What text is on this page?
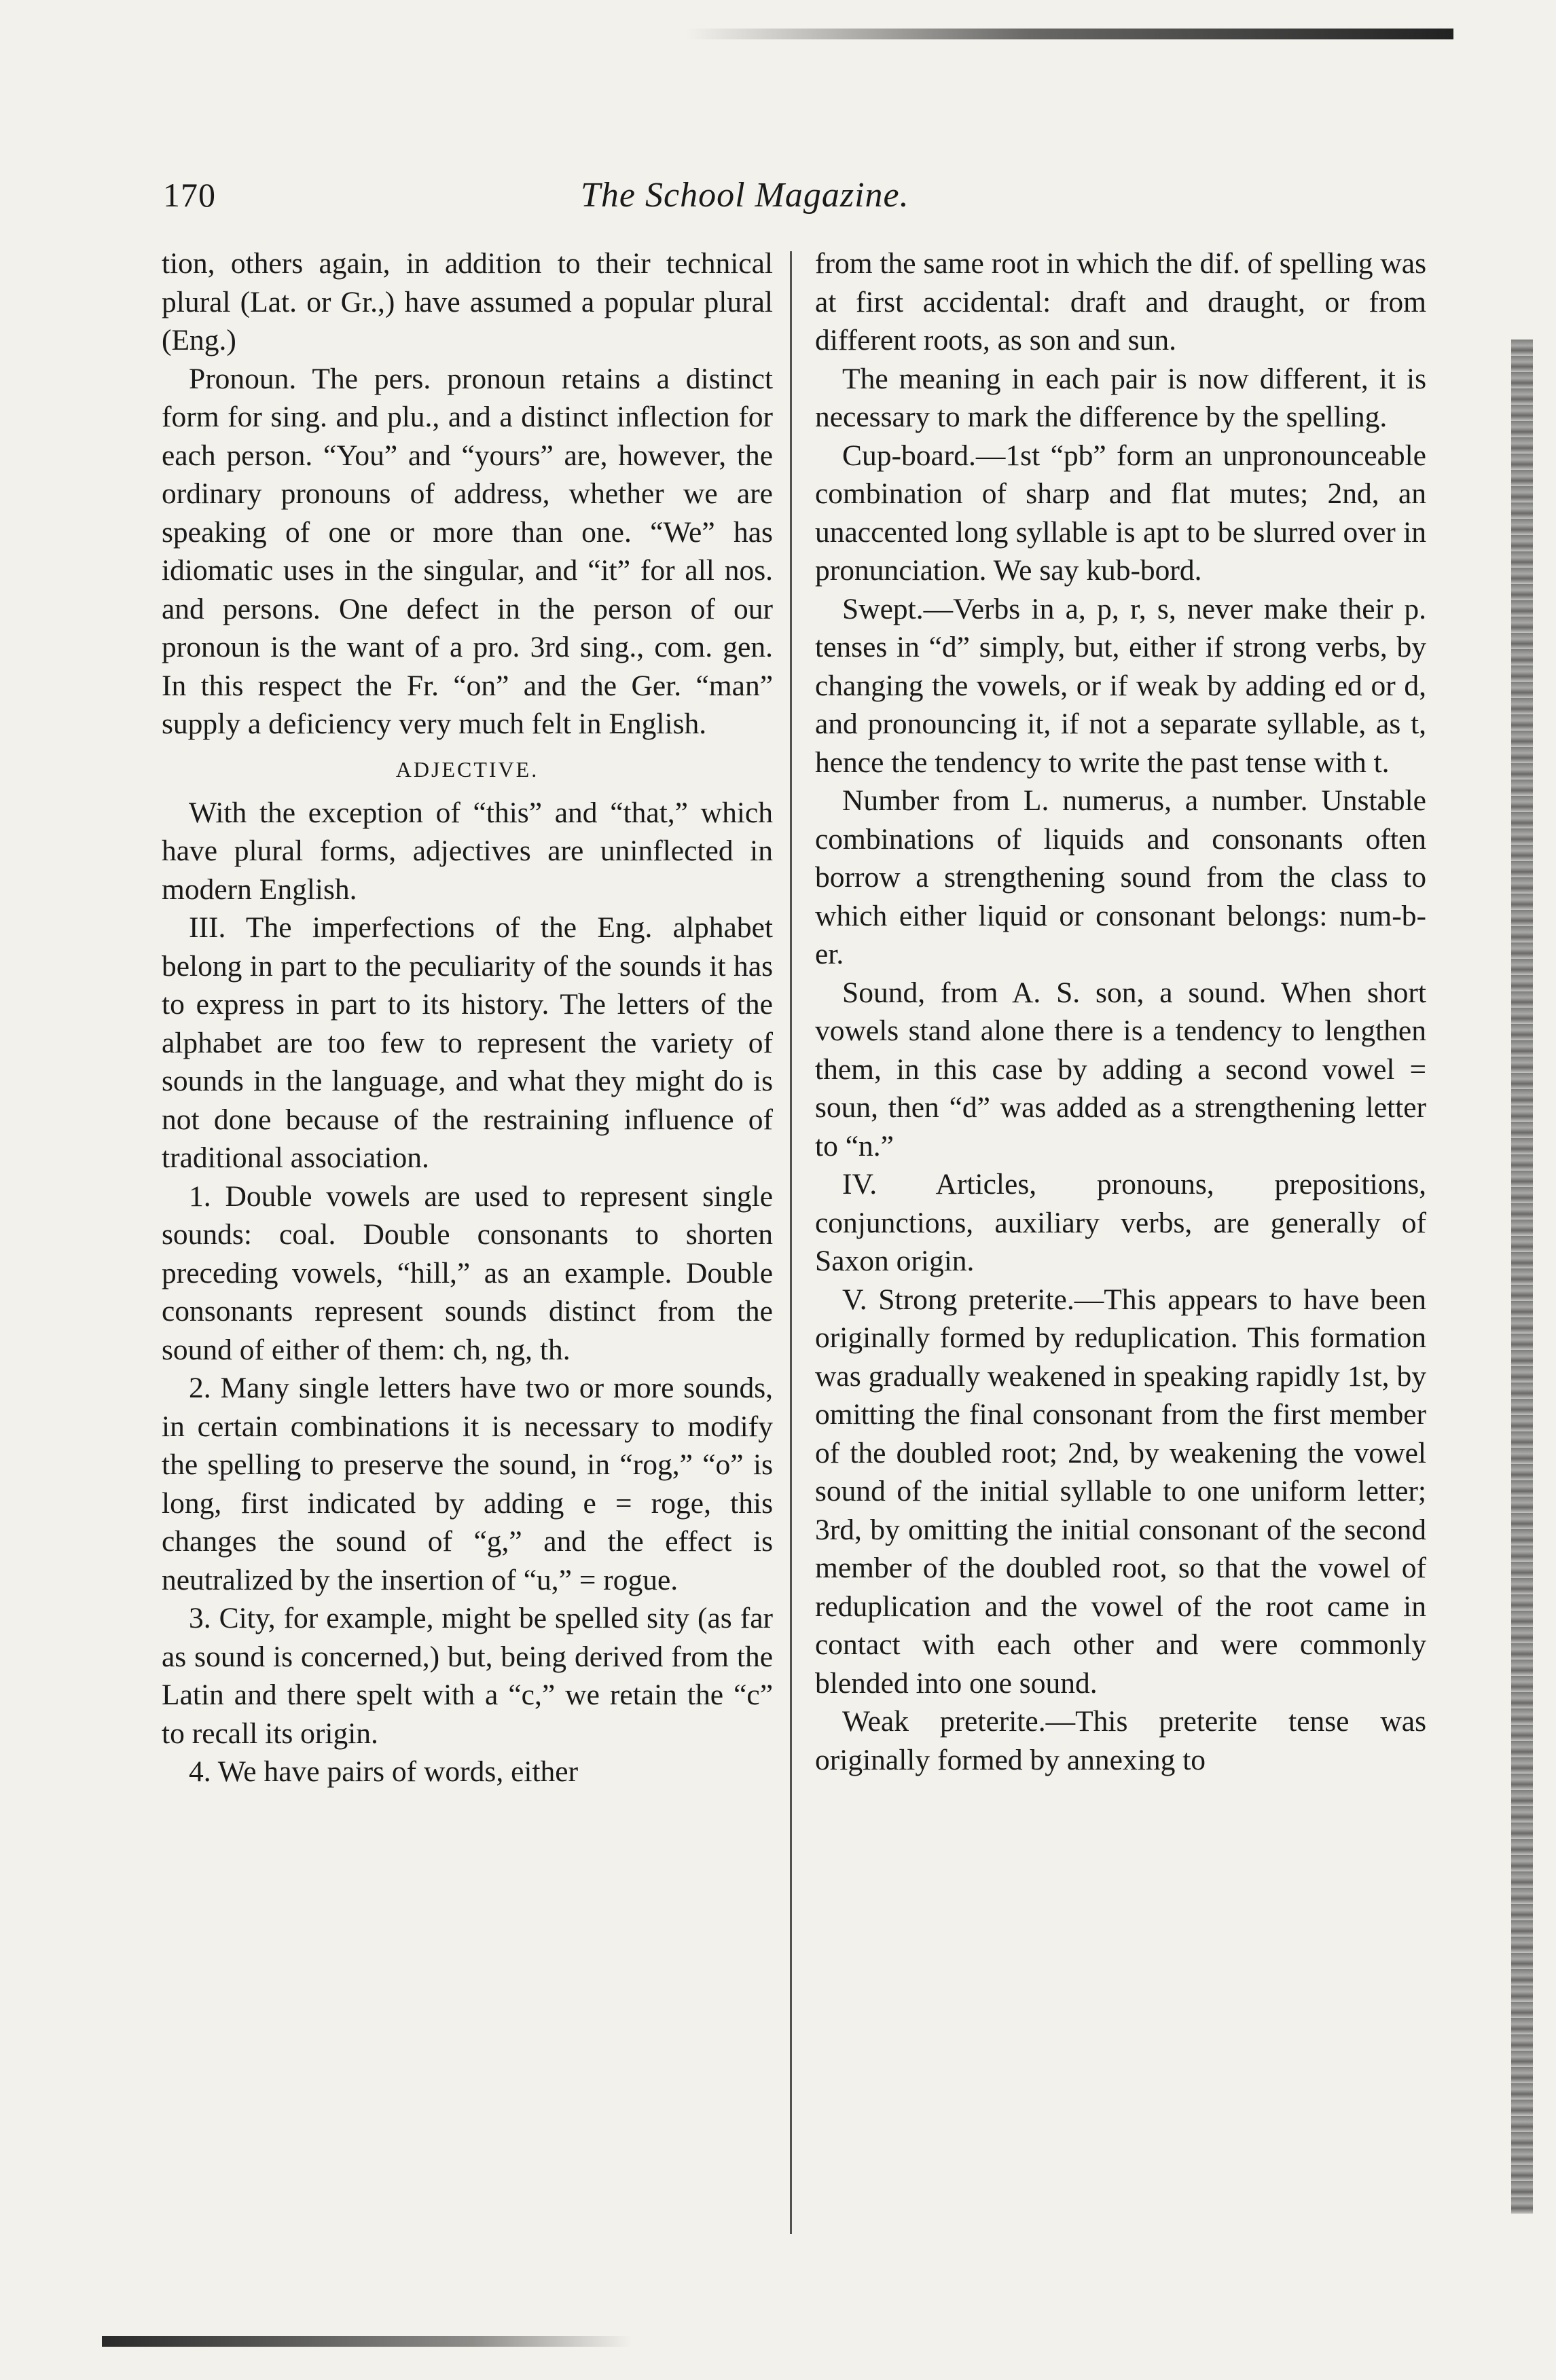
170	The School Magazine.

tion, others again, in addition to their technical plural (Lat. or Gr.,) have assumed a popular plural (Eng.)

Pronoun. The pers. pronoun retains a distinct form for sing. and plu., and a distinct inflection for each person. “You” and “yours” are, however, the ordinary pronouns of address, whether we are speaking of one or more than one. “We” has idiomatic uses in the singular, and “it” for all nos. and persons. One defect in the person of our pronoun is the want of a pro. 3rd sing., com. gen. In this respect the Fr. “on” and the Ger. “man” supply a deficiency very much felt in English.

ADJECTIVE.

With the exception of “this” and “that,” which have plural forms, adjectives are uninflected in modern English.

III. The imperfections of the Eng. alphabet belong in part to the peculiarity of the sounds it has to express in part to its history. The letters of the alphabet are too few to represent the variety of sounds in the language, and what they might do is not done because of the restraining influence of traditional association.

1. Double vowels are used to represent single sounds: coal. Double consonants to shorten preceding vowels, “hill,” as an example. Double consonants represent sounds distinct from the sound of either of them: ch, ng, th.

2. Many single letters have two or more sounds, in certain combinations it is necessary to modify the spelling to preserve the sound, in “rog,” “o” is long, first indicated by adding e = roge, this changes the sound of “g,” and the effect is neutralized by the insertion of “u,” = rogue.

3. City, for example, might be spelled sity (as far as sound is concerned,) but, being derived from the Latin and there spelt with a “c,” we retain the “c” to recall its origin.

4. We have pairs of words, either

from the same root in which the dif. of spelling was at first accidental: draft and draught, or from different roots, as son and sun.

The meaning in each pair is now different, it is necessary to mark the difference by the spelling.

Cup-board.—1st “pb” form an unpronounceable combination of sharp and flat mutes; 2nd, an unaccented long syllable is apt to be slurred over in pronunciation. We say kub-bord.

Swept.—Verbs in a, p, r, s, never make their p. tenses in “d” simply, but, either if strong verbs, by changing the vowels, or if weak by adding ed or d, and pronouncing it, if not a separate syllable, as t, hence the tendency to write the past tense with t.

Number from L. numerus, a number. Unstable combinations of liquids and consonants often borrow a strengthening sound from the class to which either liquid or consonant belongs: num-b-er.

Sound, from A. S. son, a sound. When short vowels stand alone there is a tendency to lengthen them, in this case by adding a second vowel = soun, then “d” was added as a strengthening letter to “n.”

IV. Articles, pronouns, prepositions, conjunctions, auxiliary verbs, are generally of Saxon origin.

V. Strong preterite.—This appears to have been originally formed by reduplication. This formation was gradually weakened in speaking rapidly 1st, by omitting the final consonant from the first member of the doubled root; 2nd, by weakening the vowel sound of the initial syllable to one uniform letter; 3rd, by omitting the initial consonant of the second member of the doubled root, so that the vowel of reduplication and the vowel of the root came in contact with each other and were commonly blended into one sound.

Weak preterite.—This preterite tense was originally formed by annexing to
